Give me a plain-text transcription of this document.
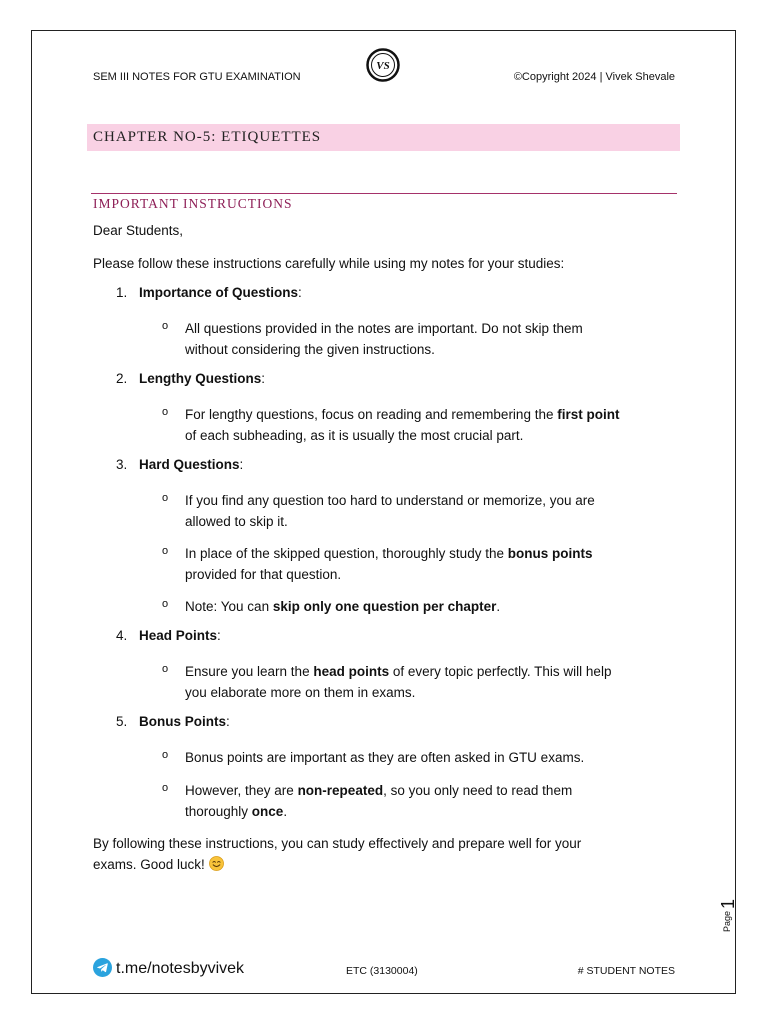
SEM III NOTES FOR GTU EXAMINATION
VS
©Copyright 2024 | Vivek Shevale
CHAPTER NO-5: ETIQUETTES
IMPORTANT INSTRUCTIONS
Dear Students,
Please follow these instructions carefully while using my notes for your studies:
1. Importance of Questions:
o All questions provided in the notes are important. Do not skip them
without considering the given instructions.
2. Lengthy Questions:
o For lengthy questions, focus on reading and remembering the first point
of each subheading, as it is usually the most crucial part.
3. Hard Questions:
o If you find any question too hard to understand or memorize, you are
allowed to skip it.
o In place of the skipped question, thoroughly study the bonus points
provided for that question.
o Note: You can skip only one question per chapter.
4. Head Points:
o Ensure you learn the head points of every topic perfectly. This will help
you elaborate more on them in exams.
5. Bonus Points:
o Bonus points are important as they are often asked in GTU exams.
o However, they are non-repeated, so you only need to read them
thoroughly once.
By following these instructions, you can study effectively and prepare well for your
exams. Good luck!
Page
1
t.me/notesbyvivek	ETC (3130004)	# STUDENT NOTES
